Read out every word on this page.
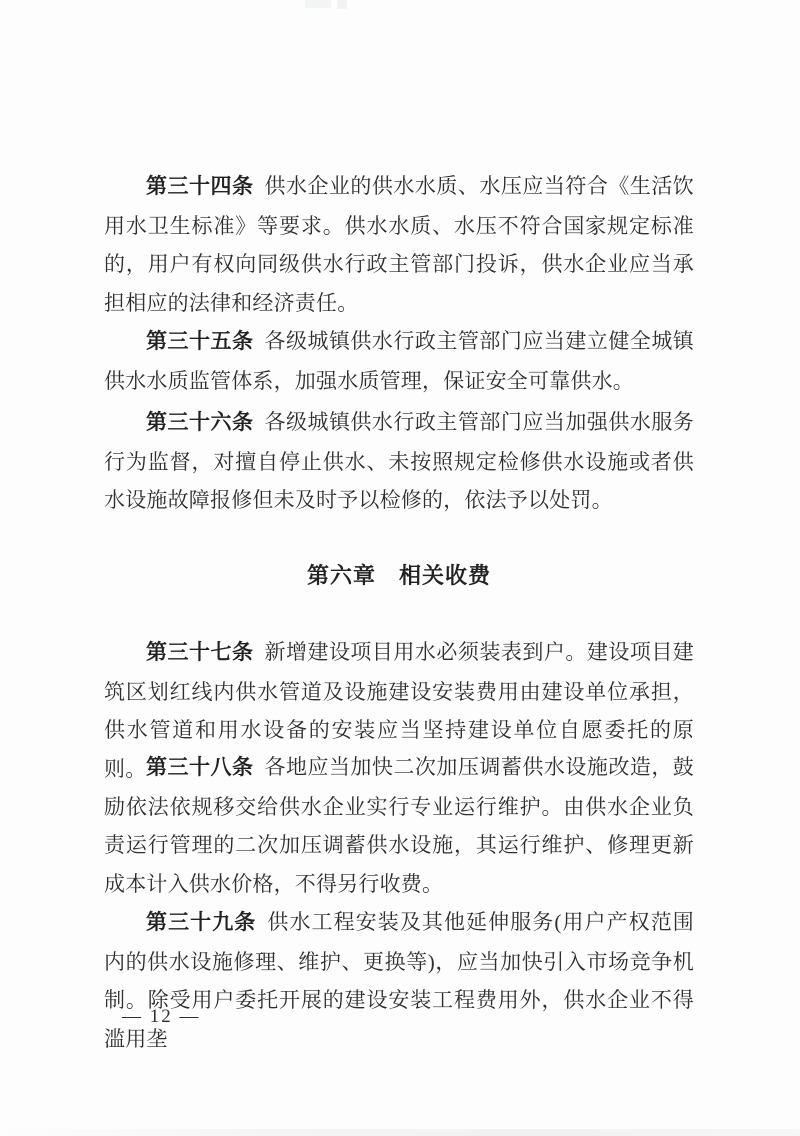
第三十四条 供水企业的供水水质、水压应当符合《生活饮用水卫生标准》等要求。供水水质、水压不符合国家规定标准的，用户有权向同级供水行政主管部门投诉，供水企业应当承担相应的法律和经济责任。

第三十五条 各级城镇供水行政主管部门应当建立健全城镇供水水质监管体系，加强水质管理，保证安全可靠供水。

第三十六条 各级城镇供水行政主管部门应当加强供水服务行为监督，对擅自停止供水、未按照规定检修供水设施或者供水设施故障报修但未及时予以检修的，依法予以处罚。

第六章　相关收费

第三十七条 新增建设项目用水必须装表到户。建设项目建筑区划红线内供水管道及设施建设安装费用由建设单位承担，供水管道和用水设备的安装应当坚持建设单位自愿委托的原则。 第三十八条 各地应当加快二次加压调蓄供水设施改造，鼓励依法依规移交给供水企业实行专业运行维护。由供水企业负责运行管理的二次加压调蓄供水设施，其运行维护、修理更新成本计入供水价格，不得另行收费。

第三十九条 供水工程安装及其他延伸服务(用户产权范围内的供水设施修理、维护、更换等)，应当加快引入市场竞争机制。除受用户委托开展的建设安装工程费用外，供水企业不得滥用垄

— 12 —
